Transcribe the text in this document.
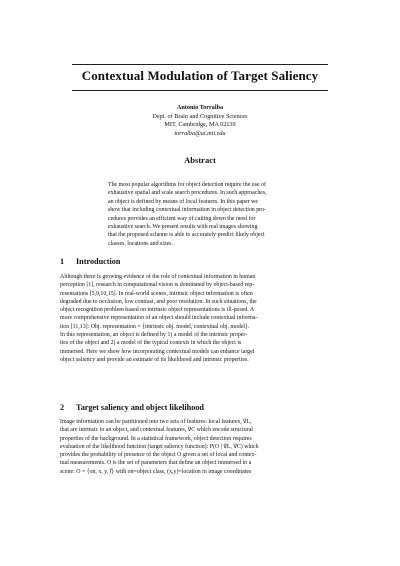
Contextual Modulation of Target Saliency
Antonio Torralba
Dept. of Brain and Cognitive Sciences
MIT, Cambridge, MA 02139
torralba@ai.mit.edu
Abstract
The most popular algorithms for object detection require the use of
exhaustive spatial and scale search procedures. In such approaches,
an object is defined by means of local features. In this paper we
show that including contextual information in object detection pro-
cedures provides an efficient way of cutting down the need for
exhaustive search. We present results with real images showing
that the proposed scheme is able to accurately predict likely object
classes, locations and sizes.
1 Introduction
Although there is growing evidence of the role of contextual information in human
perception [1], research in computational vision is dominated by object-based rep-
resentations [5,9,10,15]. In real-world scenes, intrinsic object information is often
degraded due to occlusion, low contrast, and poor resolution. In such situations, the
object recognition problem based on intrinsic object representations is ill-posed. A
more comprehensive representation of an object should include contextual informa-
tion [11,13]: Obj. representation = {intrinsic obj. model, contextual obj. model}.
In this representation, an object is defined by 1) a model of the intrinsic proper-
ties of the object and 2) a model of the typical contexts in which the object is
immersed. Here we show how incorporating contextual models can enhance target
object saliency and provide an estimate of its likelihood and intrinsic properties.
2 Target saliency and object likelihood
Image information can be partitioned into two sets of features: local features, v⃗L,
that are intrinsic to an object, and contextual features, v⃗C which encode structural
properties of the background. In a statistical framework, object detection requires
evaluation of the likelihood function (target saliency function): P(O | v⃗L, v⃗C) which
provides the probability of presence of the object O given a set of local and contex-
tual measurements. O is the set of parameters that define an object immersed in a
scene: O = {on, x, y, i⃗} with on=object class, (x,y)=location in image coordinates
